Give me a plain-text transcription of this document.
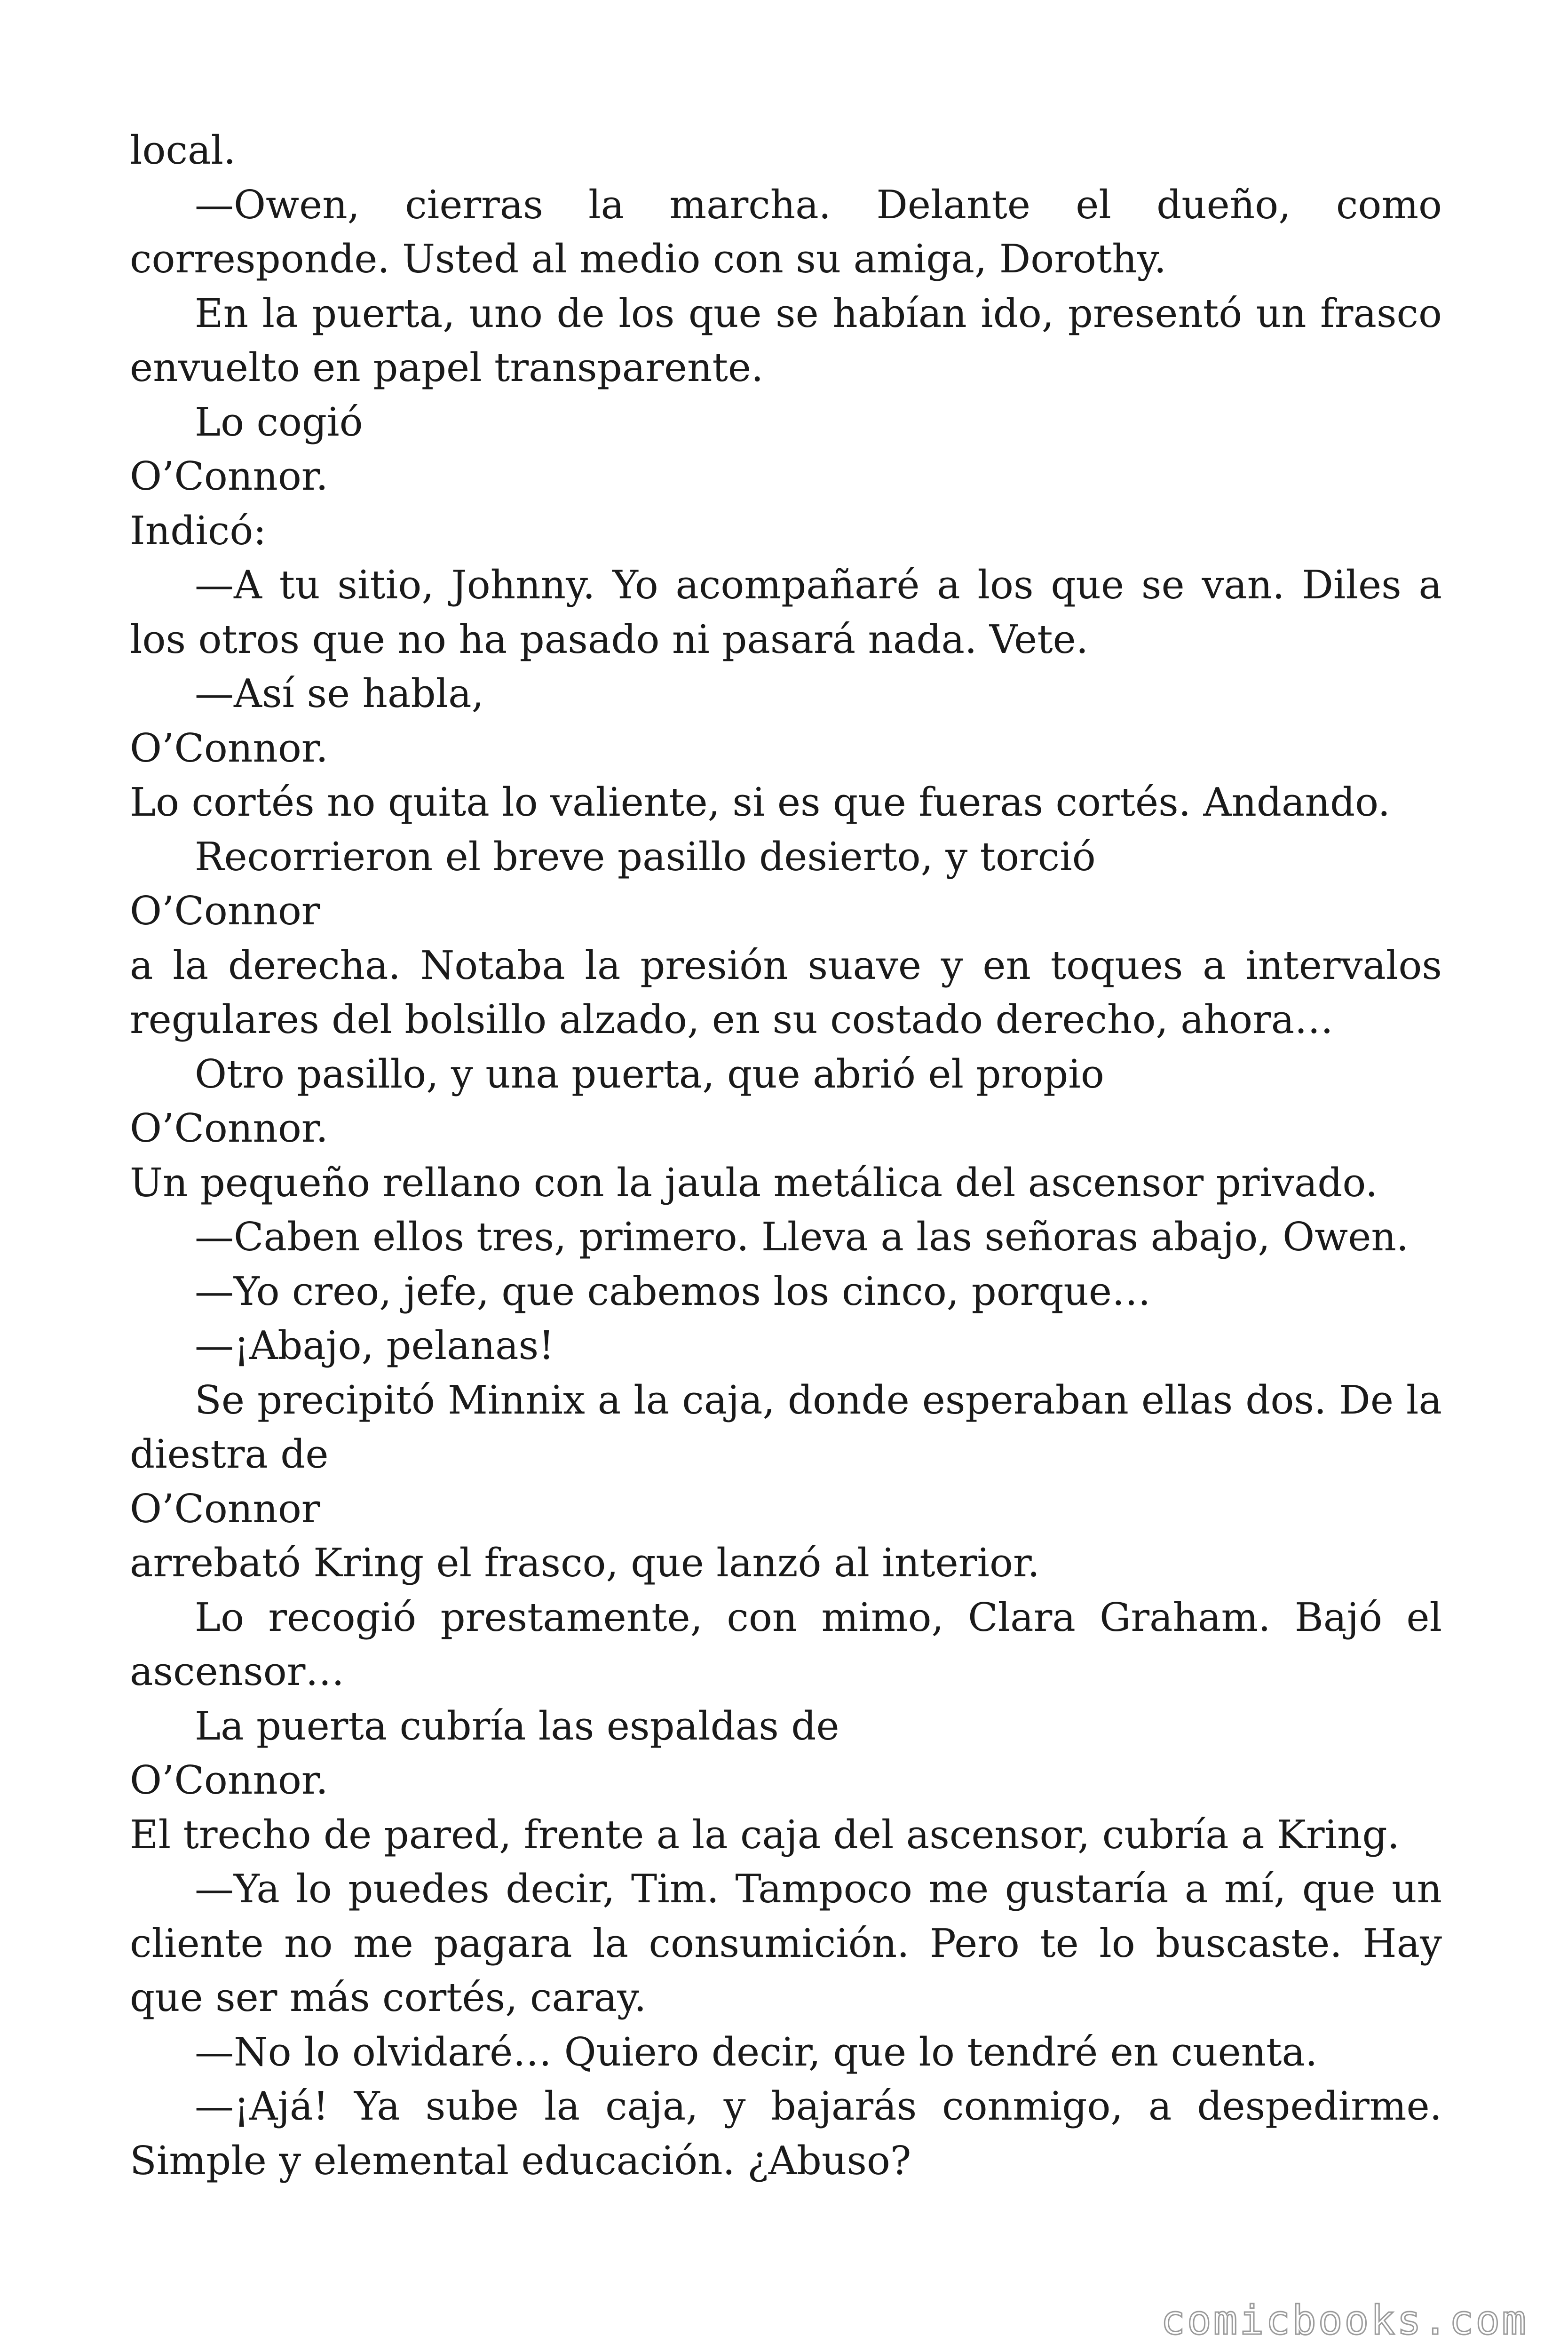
local.

—Owen, cierras la marcha. Delante el dueño, como corresponde. Usted al medio con su amiga, Dorothy.

En la puerta, uno de los que se habían ido, presentó un frasco envuelto en papel transparente.

Lo cogió

O’Connor.

Indicó:

—A tu sitio, Johnny. Yo acompañaré a los que se van. Diles a los otros que no ha pasado ni pasará nada. Vete.

—Así se habla,

O’Connor.

Lo cortés no quita lo valiente, si es que fueras cortés. Andando.

Recorrieron el breve pasillo desierto, y torció

O’Connor

a la derecha. Notaba la presión suave y en toques a intervalos regulares del bolsillo alzado, en su costado derecho, ahora…

Otro pasillo, y una puerta, que abrió el propio

O’Connor.

Un pequeño rellano con la jaula metálica del ascensor privado.

—Caben ellos tres, primero. Lleva a las señoras abajo, Owen.

—Yo creo, jefe, que cabemos los cinco, porque…

—¡Abajo, pelanas!

Se precipitó Minnix a la caja, donde esperaban ellas dos. De la diestra de

O’Connor

arrebató Kring el frasco, que lanzó al interior.

Lo recogió prestamente, con mimo, Clara Graham. Bajó el ascensor…

La puerta cubría las espaldas de

O’Connor.

El trecho de pared, frente a la caja del ascensor, cubría a Kring.

—Ya lo puedes decir, Tim. Tampoco me gustaría a mí, que un cliente no me pagara la consumición. Pero te lo buscaste. Hay que ser más cortés, caray.

—No lo olvidaré… Quiero decir, que lo tendré en cuenta.

—¡Ajá! Ya sube la caja, y bajarás conmigo, a despedirme. Simple y elemental educación. ¿Abuso?

comicbooks.com
